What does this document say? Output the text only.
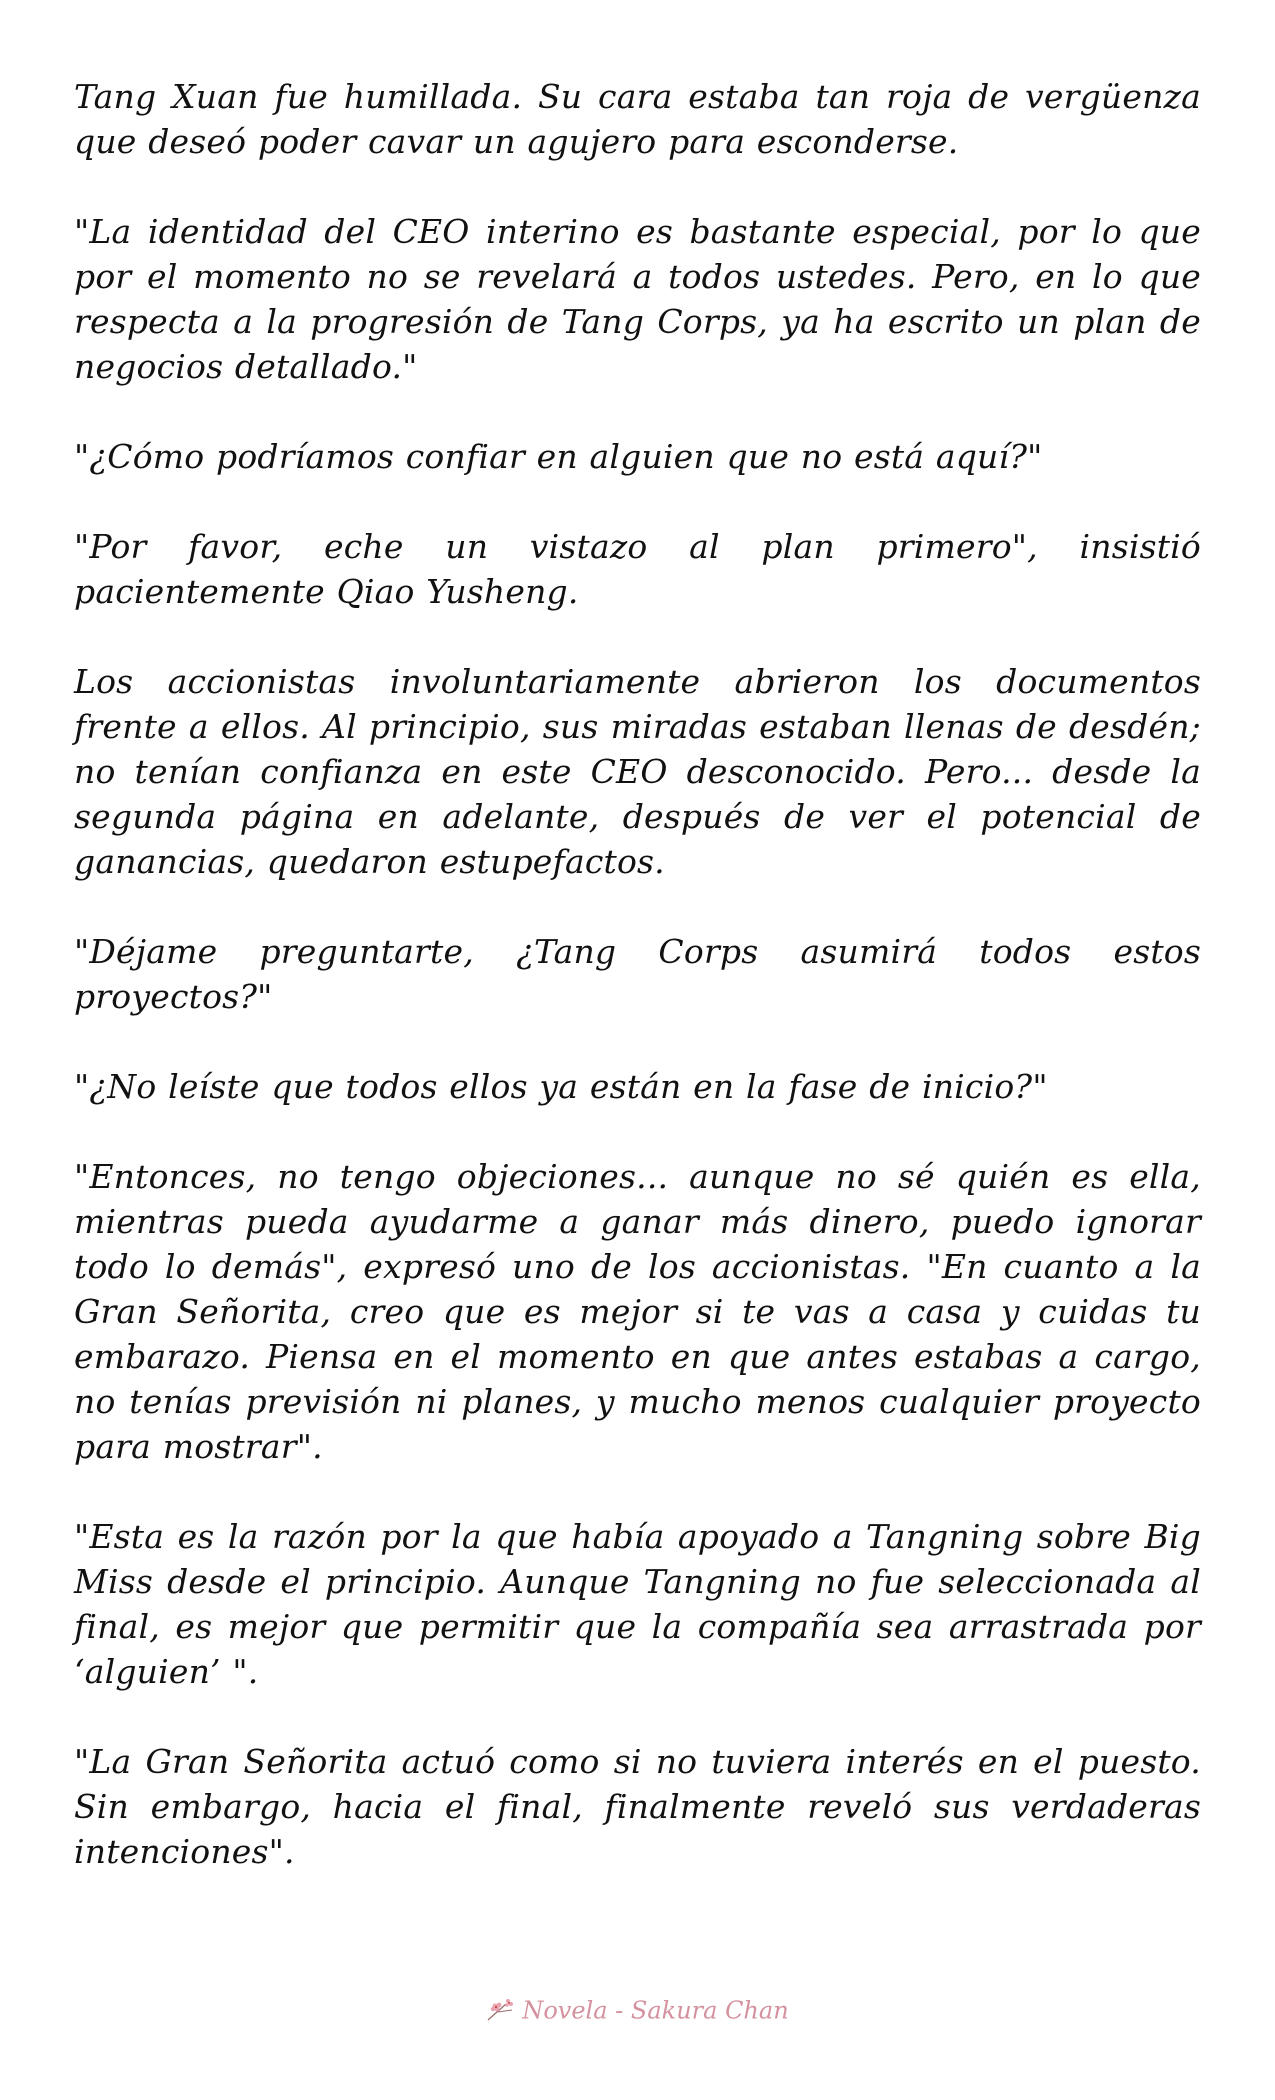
Tang Xuan fue humillada. Su cara estaba tan roja de vergüenza que deseó poder cavar un agujero para esconderse.

"La identidad del CEO interino es bastante especial, por lo que por el momento no se revelará a todos ustedes. Pero, en lo que respecta a la progresión de Tang Corps, ya ha escrito un plan de negocios detallado."

"¿Cómo podríamos confiar en alguien que no está aquí?"

"Por favor, eche un vistazo al plan primero", insistió pacientemente Qiao Yusheng.

Los accionistas involuntariamente abrieron los documentos frente a ellos. Al principio, sus miradas estaban llenas de desdén; no tenían confianza en este CEO desconocido. Pero... desde la segunda página en adelante, después de ver el potencial de ganancias, quedaron estupefactos.

"Déjame preguntarte, ¿Tang Corps asumirá todos estos proyectos?"

"¿No leíste que todos ellos ya están en la fase de inicio?"

"Entonces, no tengo objeciones... aunque no sé quién es ella, mientras pueda ayudarme a ganar más dinero, puedo ignorar todo lo demás", expresó uno de los accionistas. "En cuanto a la Gran Señorita, creo que es mejor si te vas a casa y cuidas tu embarazo. Piensa en el momento en que antes estabas a cargo, no tenías previsión ni planes, y mucho menos cualquier proyecto para mostrar".

"Esta es la razón por la que había apoyado a Tangning sobre Big Miss desde el principio. Aunque Tangning no fue seleccionada al final, es mejor que permitir que la compañía sea arrastrada por ‘alguien’ ".

"La Gran Señorita actuó como si no tuviera interés en el puesto. Sin embargo, hacia el final, finalmente reveló sus verdaderas intenciones".

Novela - Sakura Chan
